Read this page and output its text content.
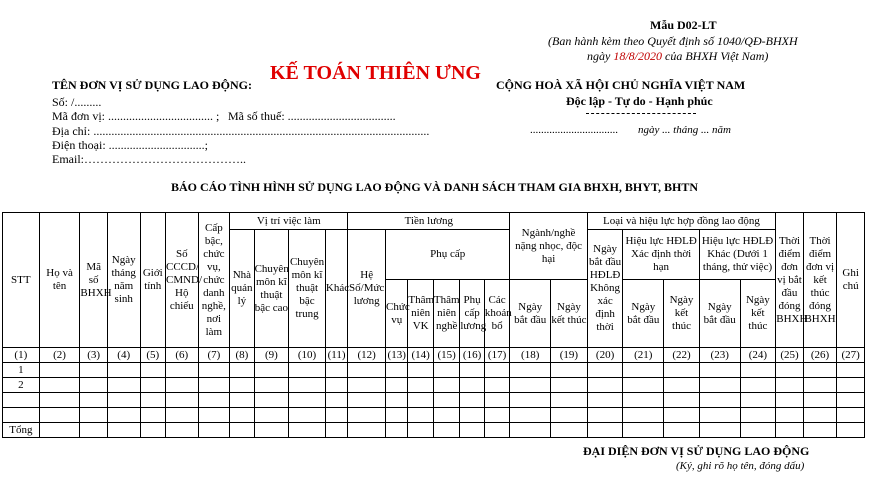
Mẫu D02-LT
(Ban hành kèm theo Quyết định số 1040/QĐ-BHXH
ngày 18/8/2020 của BHXH Việt Nam)
TÊN ĐƠN VỊ SỬ DỤNG LAO ĐỘNG:
KẾ TOÁN THIÊN ƯNG
CỘNG HOÀ XÃ HỘI CHỦ NGHĨA VIỆT NAM
Độc lập - Tự do - Hạnh phúc
................................ ngày ... tháng ... năm
Số: /.........
Mã đơn vị: ................................... ; Mã số thuế: ....................................
Địa chỉ: ................................................................................................................
Điện thoại: ................................;
Email:…………………………………..
BÁO CÁO TÌNH HÌNH SỬ DỤNG LAO ĐỘNG VÀ DANH SÁCH THAM GIA BHXH, BHYT, BHTN
STT	Họ và tên	Mã số BHXH	Ngày tháng năm sinh	Giới tính	Số CCCD/ CMND/ Hộ chiếu	Cấp bậc, chức vụ, chức danh nghề, nơi làm	Vị trí việc làm				Tiền lương						Ngành/nghề nặng nhọc, độc hại		Loại và hiệu lực hợp đồng lao động					Thời điểm đơn vị bắt đầu đóng BHXH	Thời điểm đơn vị kết thúc đóng BHXH	Ghi chú
							Nhà quản lý	Chuyên môn kĩ thuật bậc cao	Chuyên môn kĩ thuật bậc trung	Khác	Hệ Số/Mức lương	Phụ cấp							Ngày bắt đầu HĐLĐ Không xác định thời	Hiệu lực HĐLĐ Xác định thời hạn		Hiệu lực HĐLĐ Khác (Dưới 1 tháng, thử việc)				
												Chức vụ	Thâm niên VK	Thâm niên nghề	Phụ cấp lương	Các khoản bổ	Ngày bắt đầu	Ngày kết thúc		Ngày bắt đầu	Ngày kết thúc	Ngày bắt đầu	Ngày kết thúc			
(1)	(2)	(3)	(4)	(5)	(6)	(7)	(8)	(9)	(10)	(11)	(12)	(13)	(14)	(15)	(16)	(17)	(18)	(19)	(20)	(21)	(22)	(23)	(24)	(25)	(26)	(27)
1																										
2																										

Tổng																										
ĐẠI DIỆN ĐƠN VỊ SỬ DỤNG LAO ĐỘNG
(Ký, ghi rõ họ tên, đóng dấu)
